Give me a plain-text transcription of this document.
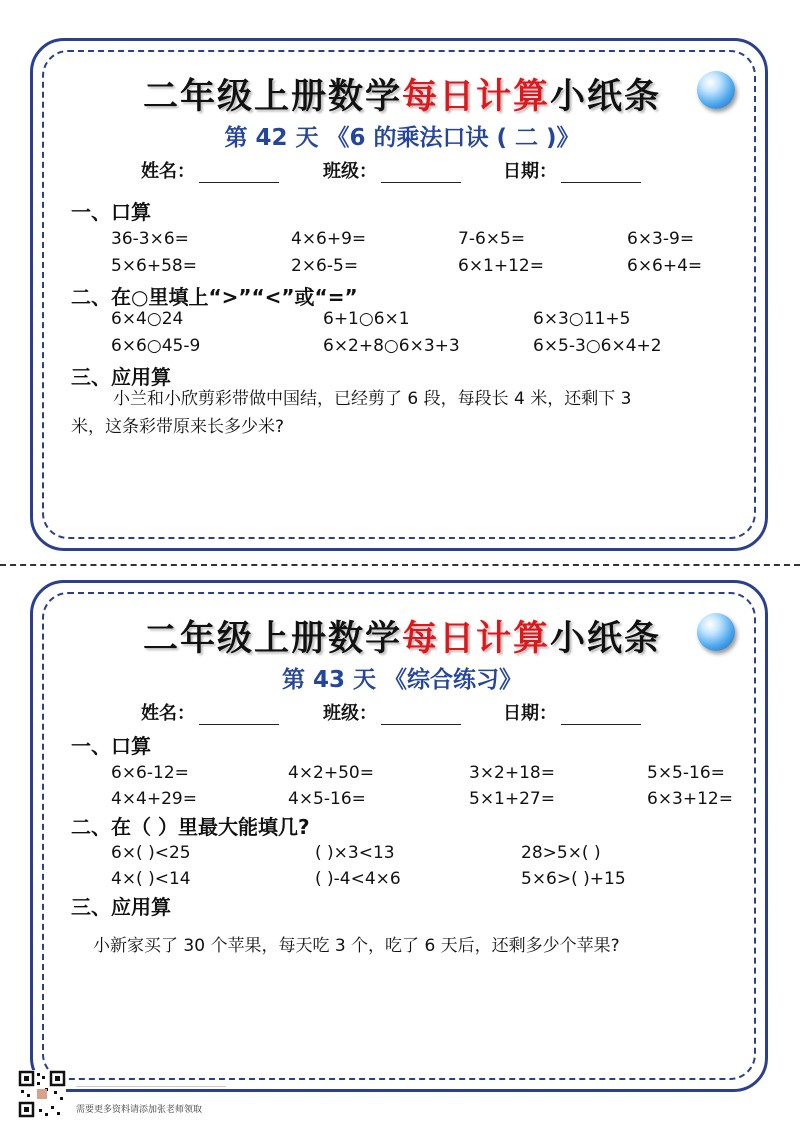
二年级上册数学每日计算小纸条
第 42 天 《6 的乘法口诀 ( 二 )》
姓名：	班级：	日期：
一、口算
36-3×6=	4×6+9=	7-6×5=	6×3-9=
5×6+58=	2×6-5=	6×1+12=	6×6+4=
二、在○里填上“>”“<”或“=”
6×4○24	6+1○6×1	6×3○11+5
6×6○45-9	6×2+8○6×3+3	6×5-3○6×4+2
三、应用算
小兰和小欣剪彩带做中国结，已经剪了 6 段，每段长 4 米，还剩下 3
米，这条彩带原来长多少米?
二年级上册数学每日计算小纸条
第 43 天 《综合练习》
姓名：	班级：	日期：
一、口算
6×6-12=	4×2+50=	3×2+18=	5×5-16=
4×4+29=	4×5-16=	5×1+27=	6×3+12=
二、在（ ）里最大能填几?
6×( )<25	( )×3<13	28>5×( )
4×( )<14	( )-4<4×6	5×6>( )+15
三、应用算
小新家买了 30 个苹果，每天吃 3 个，吃了 6 天后，还剩多少个苹果?
需要更多资料请添加张老师领取
